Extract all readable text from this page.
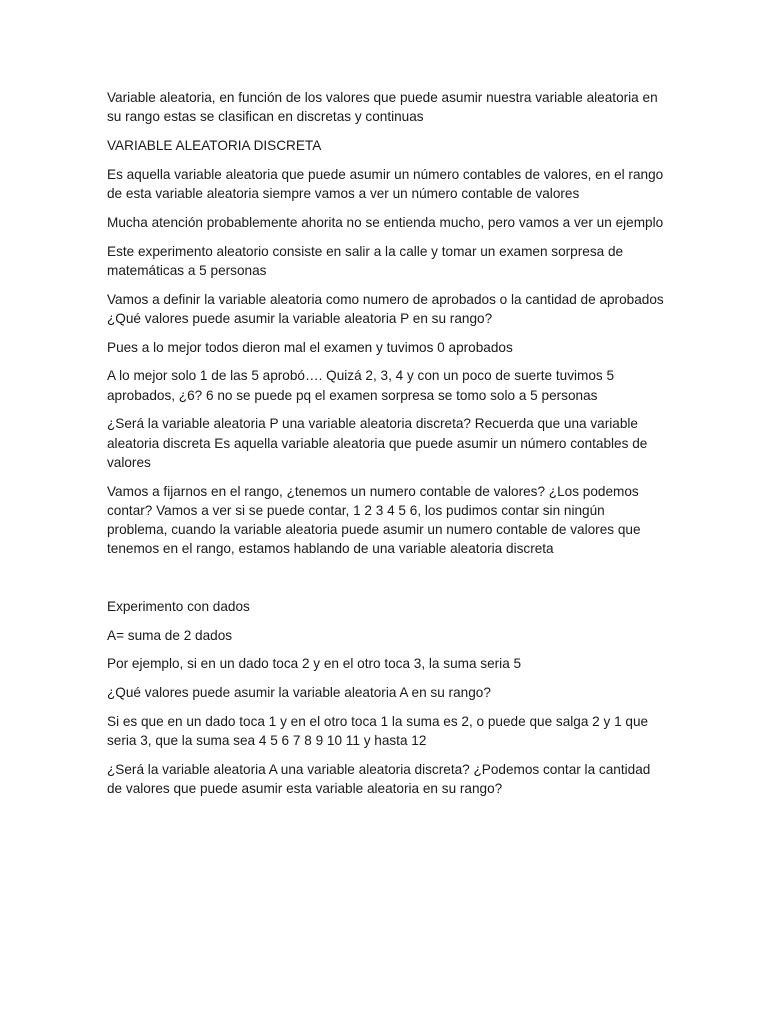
Variable aleatoria, en función de los valores que puede asumir nuestra variable aleatoria en su rango estas se clasifican en discretas y continuas

VARIABLE ALEATORIA DISCRETA

Es aquella variable aleatoria que puede asumir un número contables de valores, en el rango de esta variable aleatoria siempre vamos a ver un número contable de valores

Mucha atención probablemente ahorita no se entienda mucho, pero vamos a ver un ejemplo

Este experimento aleatorio consiste en salir a la calle y tomar un examen sorpresa de matemáticas a 5 personas

Vamos a definir la variable aleatoria como numero de aprobados o la cantidad de aprobados ¿Qué valores puede asumir la variable aleatoria P en su rango?

Pues a lo mejor todos dieron mal el examen y tuvimos 0 aprobados

A lo mejor solo 1 de las 5 aprobó…. Quizá 2, 3, 4 y con un poco de suerte tuvimos 5 aprobados, ¿6? 6 no se puede pq el examen sorpresa se tomo solo a 5 personas

¿Será la variable aleatoria P una variable aleatoria discreta? Recuerda que una variable aleatoria discreta Es aquella variable aleatoria que puede asumir un número contables de valores

Vamos a fijarnos en el rango, ¿tenemos un numero contable de valores? ¿Los podemos contar? Vamos a ver si se puede contar, 1 2 3 4 5 6, los pudimos contar sin ningún problema, cuando la variable aleatoria puede asumir un numero contable de valores que tenemos en el rango, estamos hablando de una variable aleatoria discreta

Experimento con dados

A= suma de 2 dados

Por ejemplo, si en un dado toca 2 y en el otro toca 3, la suma seria 5

¿Qué valores puede asumir la variable aleatoria A en su rango?

Si es que en un dado toca 1 y en el otro toca 1 la suma es 2, o puede que salga 2 y 1 que seria 3, que la suma sea 4 5 6 7 8 9 10 11 y hasta 12

¿Será la variable aleatoria A una variable aleatoria discreta? ¿Podemos contar la cantidad de valores que puede asumir esta variable aleatoria en su rango?
